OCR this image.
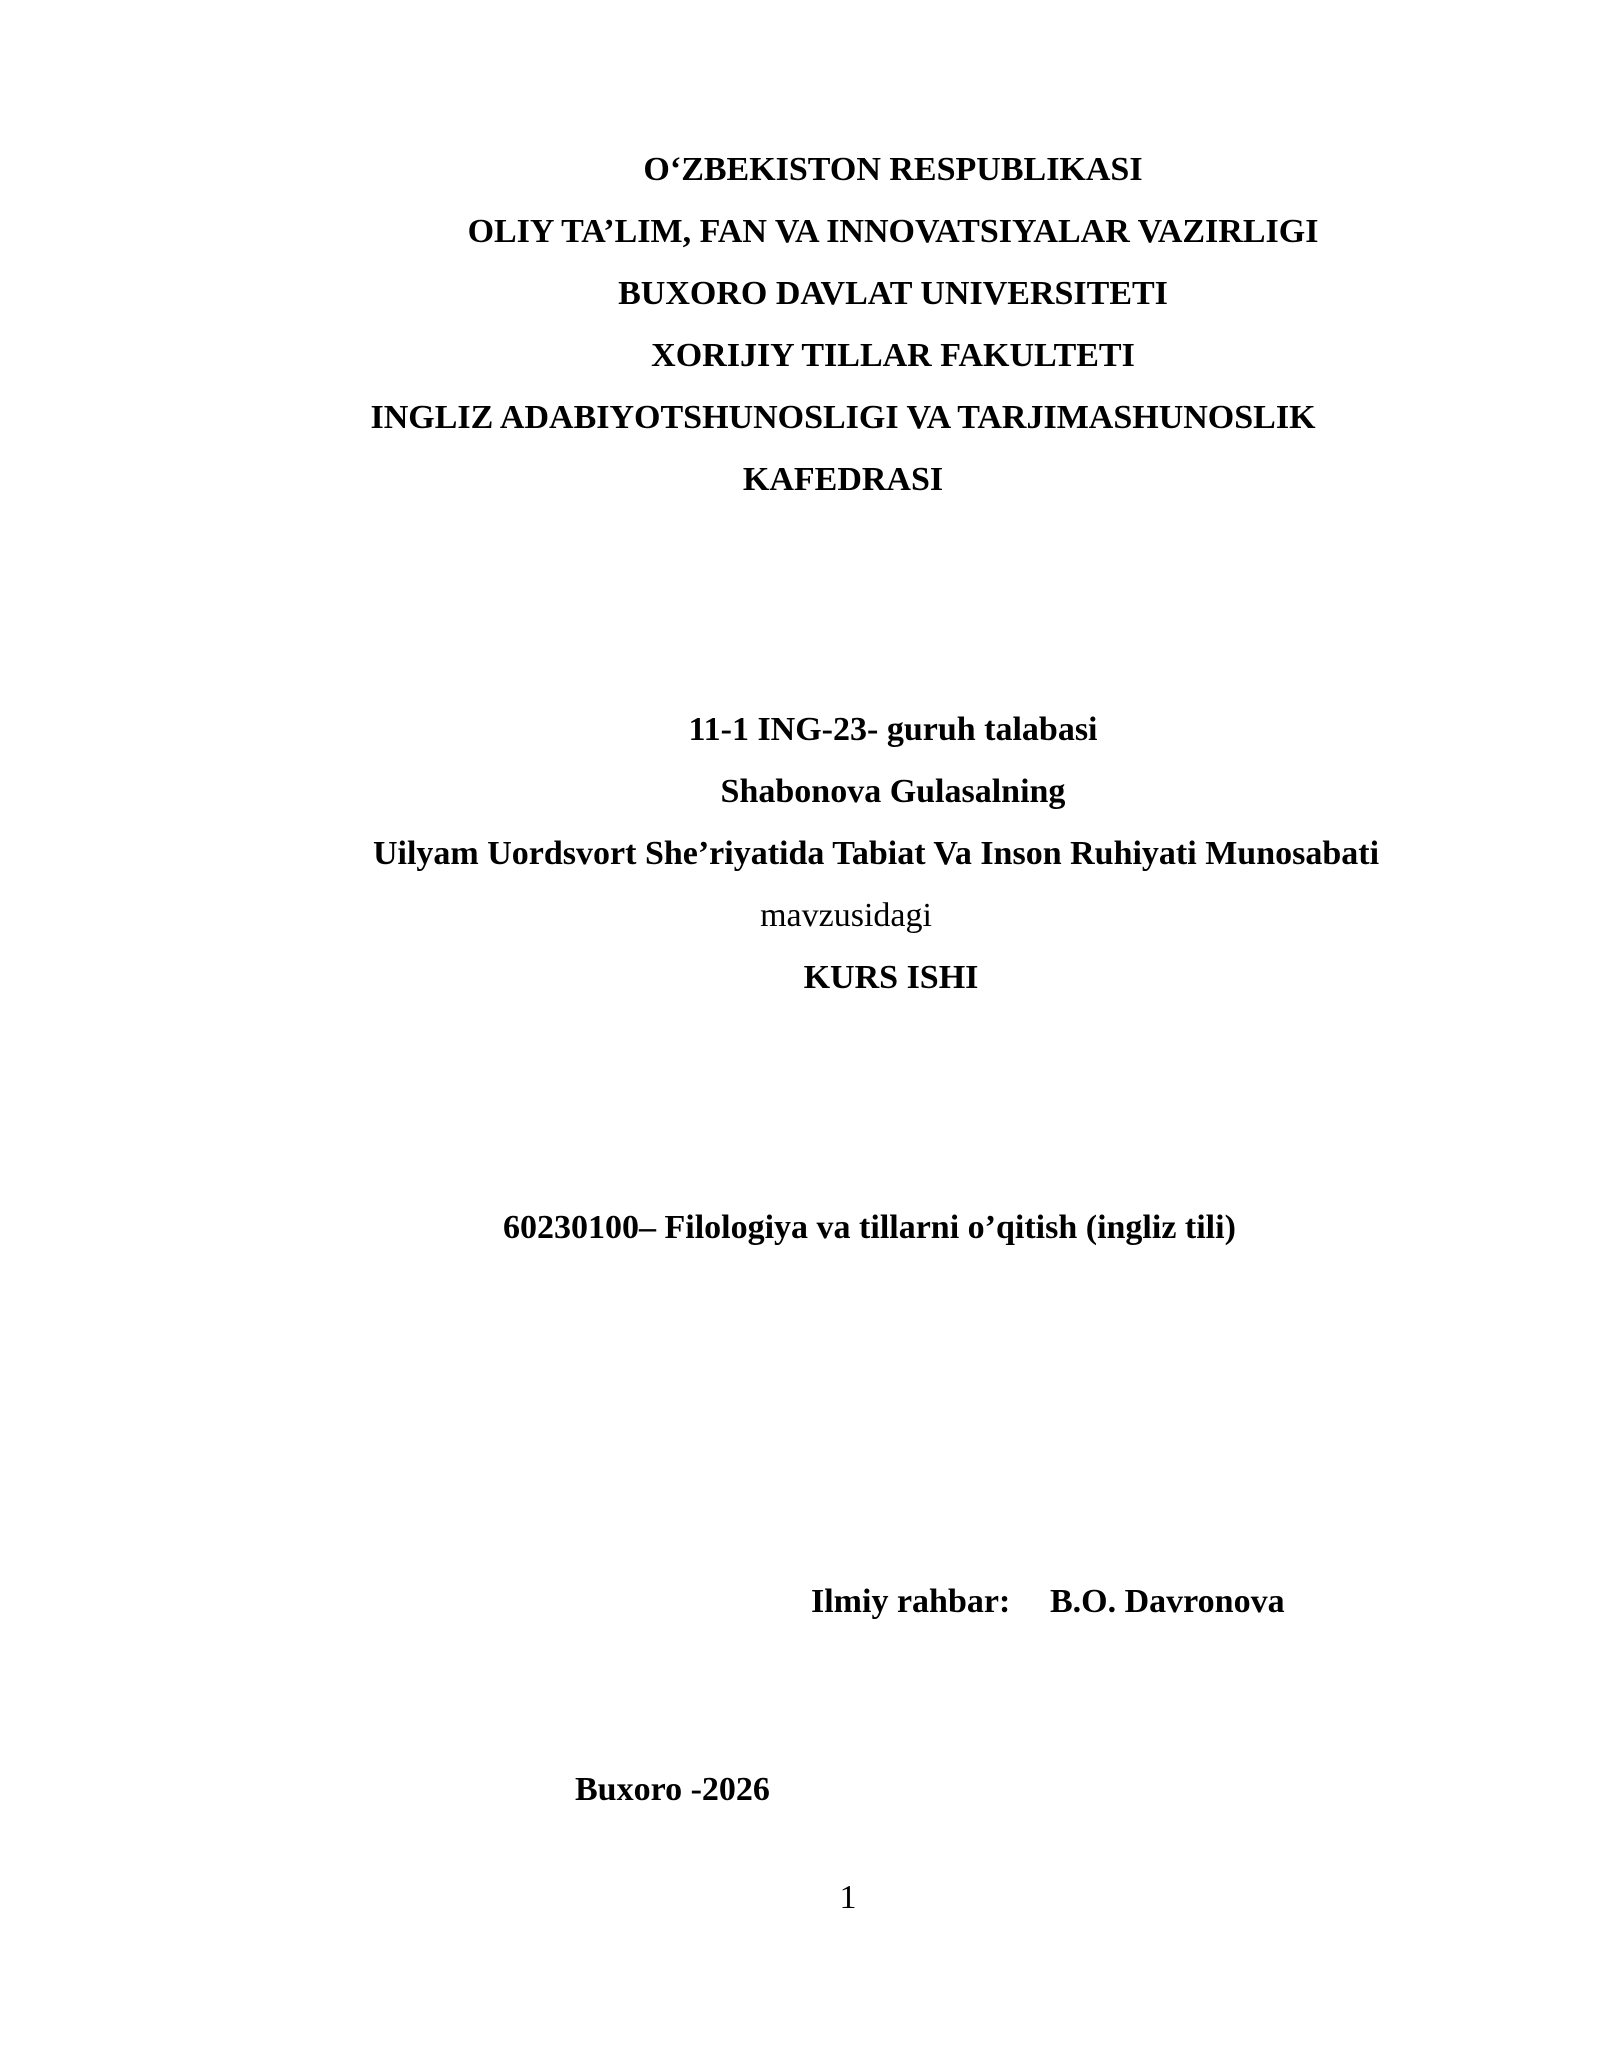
O‘ZBEKISTON RESPUBLIKASI
OLIY TA’LIM, FAN VA INNOVATSIYALAR VAZIRLIGI
BUXORO DAVLAT UNIVERSITETI
XORIJIY TILLAR FAKULTETI
INGLIZ ADABIYOTSHUNOSLIGI VA TARJIMASHUNOSLIK
KAFEDRASI
11-1 ING-23- guruh talabasi
Shabonova Gulasalning
Uilyam Uordsvort She’riyatida Tabiat Va Inson Ruhiyati Munosabati
mavzusidagi
KURS ISHI
60230100– Filologiya va tillarni o’qitish (ingliz tili)
Ilmiy rahbar: B.O. Davronova
Buxoro -2026
1
